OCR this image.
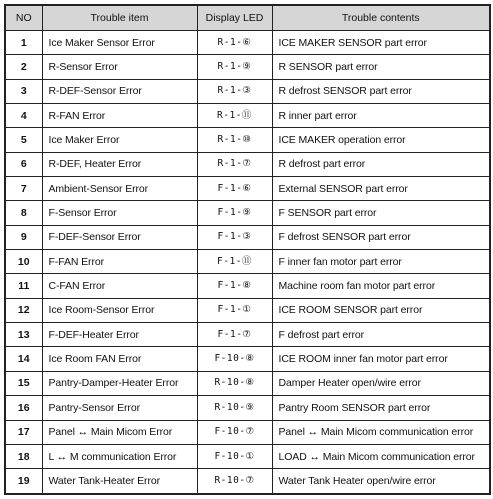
NO	Trouble item	Display LED	Trouble contents
1	Ice Maker Sensor Error	R-1-⑥	ICE MAKER SENSOR part error
2	R-Sensor Error	R-1-⑨	R SENSOR part error
3	R-DEF-Sensor Error	R-1-③	R defrost SENSOR part error
4	R-FAN Error	R-1-⑪	R inner part error
5	Ice Maker Error	R-1-⑩	ICE MAKER operation error
6	R-DEF, Heater Error	R-1-⑦	R defrost part error
7	Ambient-Sensor Error	F-1-⑥	External SENSOR part error
8	F-Sensor Error	F-1-⑨	F SENSOR part error
9	F-DEF-Sensor Error	F-1-③	F defrost SENSOR part error
10	F-FAN Error	F-1-⑪	F inner fan motor part error
11	C-FAN Error	F-1-⑧	Machine room fan motor part error
12	Ice Room-Sensor Error	F-1-①	ICE ROOM SENSOR part error
13	F-DEF-Heater Error	F-1-⑦	F defrost part error
14	Ice Room FAN Error	F-10-⑧	ICE ROOM inner fan motor part error
15	Pantry-Damper-Heater Error	R-10-⑧	Damper Heater open/wire error
16	Pantry-Sensor Error	R-10-⑨	Pantry Room SENSOR part error
17	Panel ↔ Main Micom Error	F-10-⑦	Panel ↔ Main Micom communication error
18	L ↔ M communication Error	F-10-①	LOAD ↔ Main Micom communication error
19	Water Tank-Heater Error	R-10-⑦	Water Tank Heater open/wire error
